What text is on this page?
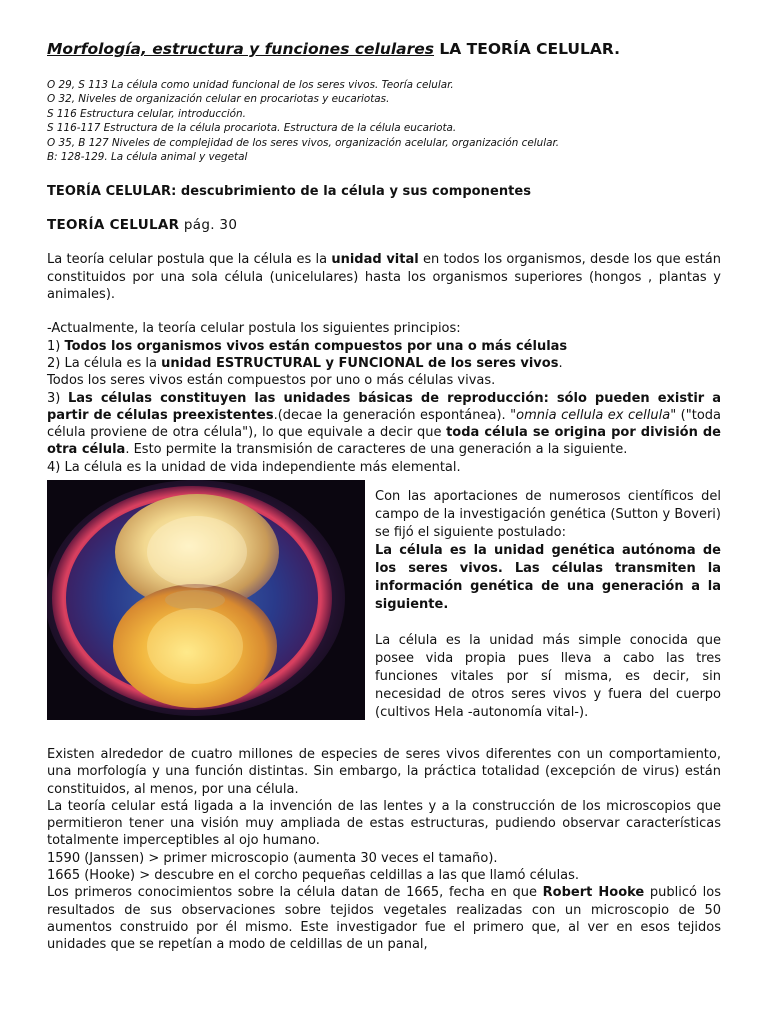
Morfología, estructura y funciones celulares LA TEORÍA CELULAR.
O 29, S 113 La célula como unidad funcional de los seres vivos. Teoría celular.
O 32, Niveles de organización celular en procariotas y eucariotas.
S 116 Estructura celular, introducción.
S 116-117 Estructura de la célula procariota. Estructura de la célula eucariota.
O 35, B 127 Niveles de complejidad de los seres vivos, organización acelular, organización celular.
B: 128-129. La célula animal y vegetal
TEORÍA CELULAR: descubrimiento de la célula y sus componentes
TEORÍA CELULAR pág. 30

La teoría celular postula que la célula es la unidad vital en todos los organismos, desde los que están constituidos por una sola célula (unicelulares) hasta los organismos superiores (hongos , plantas y animales).

-Actualmente, la teoría celular postula los siguientes principios:
1) Todos los organismos vivos están compuestos por una o más células
2) La célula es la unidad ESTRUCTURAL y FUNCIONAL de los seres vivos.
Todos los seres vivos están compuestos por uno o más células vivas.

3) Las células constituyen las unidades básicas de reproducción: sólo pueden existir a partir de células preexistentes.(decae la generación espontánea). "omnia cellula ex cellula" ("toda célula proviene de otra célula"), lo que equivale a decir que toda célula se origina por división de otra célula. Esto permite la transmisión de caracteres de una generación a la siguiente.

4) La célula es la unidad de vida independiente más elemental.

Con las aportaciones de numerosos científicos del campo de la investigación genética (Sutton y Boveri) se fijó el siguiente postulado:

La célula es la unidad genética autónoma de los seres vivos. Las células transmiten la información genética de una generación a la siguiente.

La célula es la unidad más simple conocida que posee vida propia pues lleva a cabo las tres funciones vitales por sí misma, es decir, sin necesidad de otros seres vivos y fuera del cuerpo (cultivos Hela -autonomía vital-).

Existen alrededor de cuatro millones de especies de seres vivos diferentes con un comportamiento, una morfología y una función distintas. Sin embargo, la práctica totalidad (excepción de virus) están constituidos, al menos, por una célula.

La teoría celular está ligada a la invención de las lentes y a la construcción de los microscopios que permitieron tener una visión muy ampliada de estas estructuras, pudiendo observar características totalmente imperceptibles al ojo humano.

1590 (Janssen) > primer microscopio (aumenta 30 veces el tamaño).
1665 (Hooke) > descubre en el corcho pequeñas celdillas a las que llamó células.

Los primeros conocimientos sobre la célula datan de 1665, fecha en que Robert Hooke publicó los resultados de sus observaciones sobre tejidos vegetales realizadas con un microscopio de 50 aumentos construido por él mismo. Este investigador fue el primero que, al ver en esos tejidos unidades que se repetían a modo de celdillas de un panal,
